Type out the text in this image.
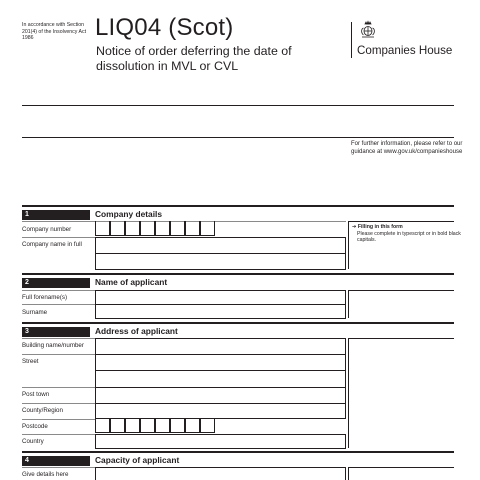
In accordance with Section 201(4) of the Insolvency Act 1986	LIQ04 (Scot)
Notice of order deferring the date of dissolution in MVL or CVL
Companies House
For further information, please refer to our guidance at www.gov.uk/companieshouse
1	Company details
Company number
Company name in full
➔ Filling in this form
Please complete in typescript or in bold black capitals.
2	Name of applicant
Full forename(s)
Surname
3	Address of applicant
Building name/number
Street
Post town
County/Region
Postcode
Country
4	Capacity of applicant
Give details here
